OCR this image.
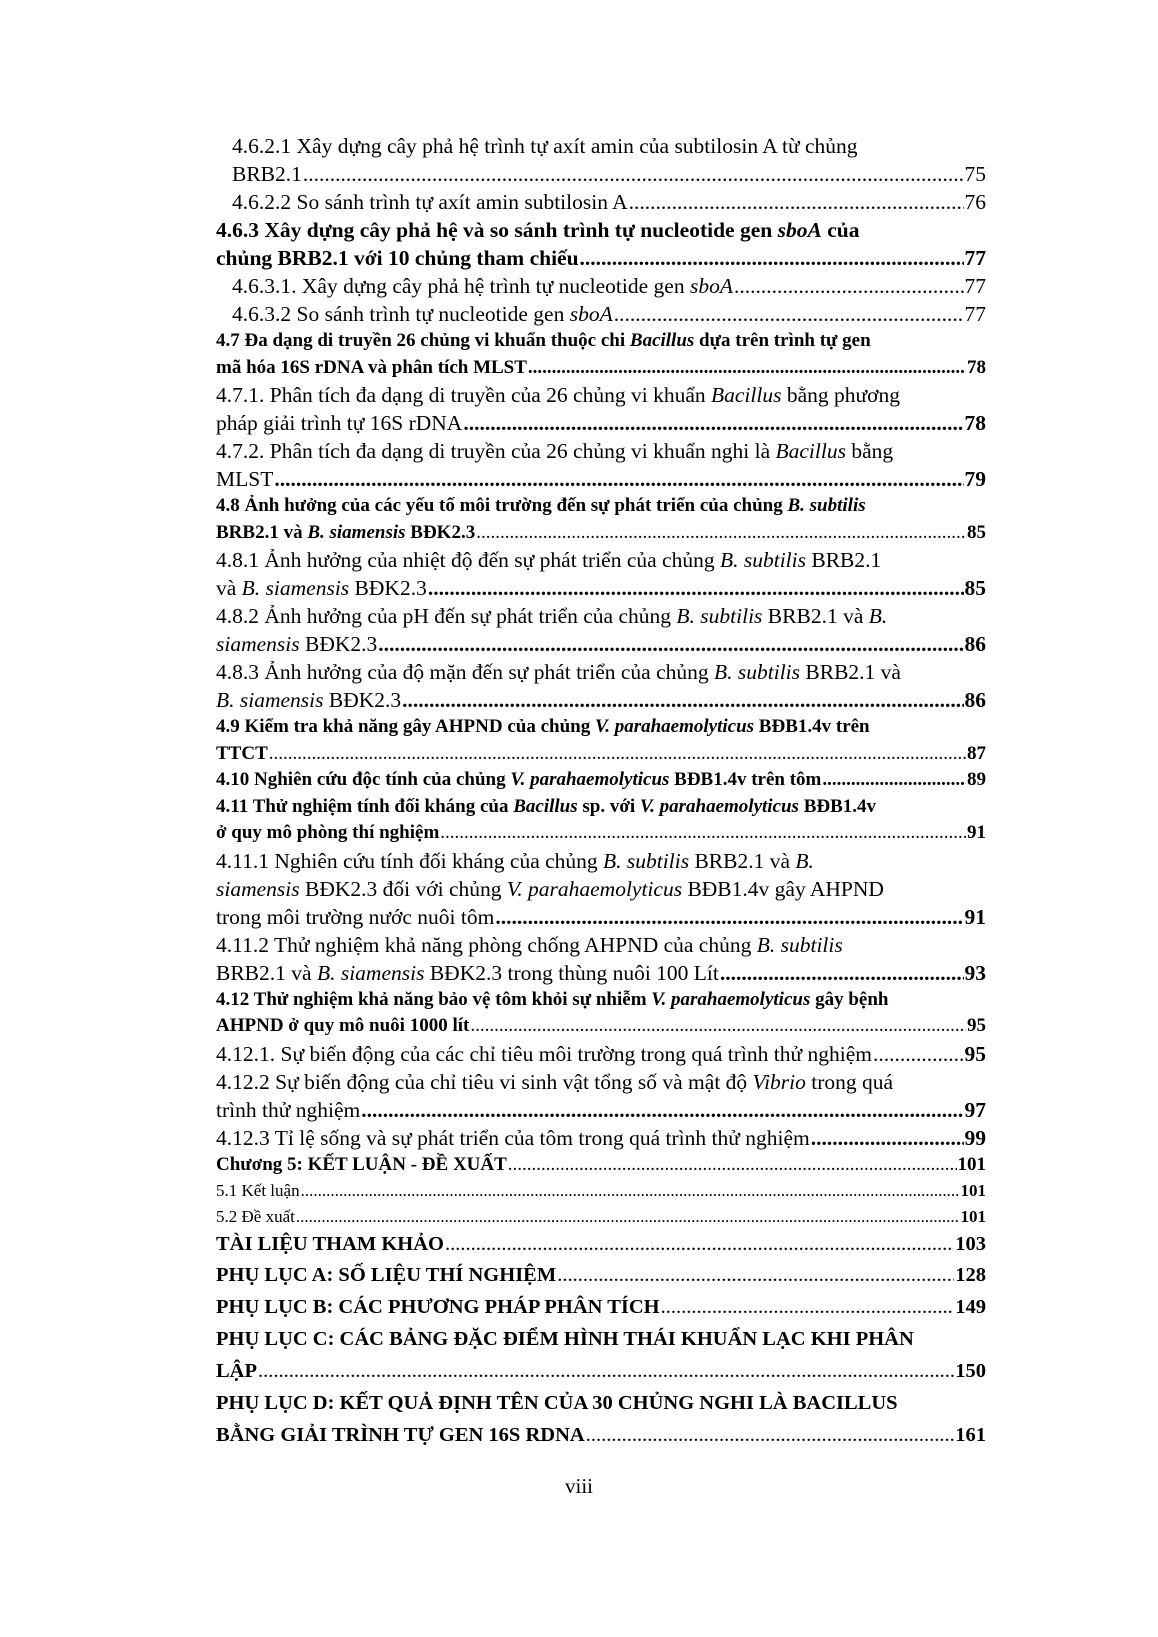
4.6.2.1 Xây dựng cây phả hệ trình tự axít amin của subtilosin A từ chủng
BRB2.1 .....	75
4.6.2.2 So sánh trình tự axít amin subtilosin A .....	76
4.6.3 Xây dựng cây phả hệ và so sánh trình tự nucleotide gen sboA của
chủng BRB2.1 với 10 chủng tham chiếu .....	77
4.6.3.1. Xây dựng cây phả hệ trình tự nucleotide gen sboA .....	77
4.6.3.2 So sánh trình tự nucleotide gen sboA .....	77
4.7 Đa dạng di truyền 26 chủng vi khuẩn thuộc chi Bacillus dựa trên trình tự gen
mã hóa 16S rDNA và phân tích MLST .....	78
4.7.1. Phân tích đa dạng di truyền của 26 chủng vi khuẩn Bacillus bằng phương
pháp giải trình tự 16S rDNA .....	78
4.7.2. Phân tích đa dạng di truyền của 26 chủng vi khuẩn nghi là Bacillus bằng
MLST .....	79
4.8 Ảnh hưởng của các yếu tố môi trường đến sự phát triển của chủng B. subtilis
BRB2.1 và B. siamensis BĐK2.3 .....	85
4.8.1 Ảnh hưởng của nhiệt độ đến sự phát triển của chủng B. subtilis BRB2.1
và B. siamensis BĐK2.3 .....	85
4.8.2 Ảnh hưởng của pH đến sự phát triển của chủng B. subtilis BRB2.1 và B.
siamensis BĐK2.3 .....	86
4.8.3 Ảnh hưởng của độ mặn đến sự phát triển của chủng B. subtilis BRB2.1 và
B. siamensis BĐK2.3 .....	86
4.9 Kiểm tra khả năng gây AHPND của chủng V. parahaemolyticus BĐB1.4v trên
TTCT .....	87
4.10 Nghiên cứu độc tính của chủng V. parahaemolyticus BĐB1.4v trên tôm .....	89
4.11 Thử nghiệm tính đối kháng của Bacillus sp. với V. parahaemolyticus BĐB1.4v
ở quy mô phòng thí nghiệm .....	91
4.11.1 Nghiên cứu tính đối kháng của chủng B. subtilis BRB2.1 và B.
siamensis BĐK2.3 đối với chủng V. parahaemolyticus BĐB1.4v gây AHPND
trong môi trường nước nuôi tôm .....	91
4.11.2 Thử nghiệm khả năng phòng chống AHPND của chủng B. subtilis
BRB2.1 và B. siamensis BĐK2.3 trong thùng nuôi 100 Lít .....	93
4.12 Thử nghiệm khả năng bảo vệ tôm khỏi sự nhiễm V. parahaemolyticus gây bệnh
AHPND ở quy mô nuôi 1000 lít .....	95
4.12.1. Sự biến động của các chỉ tiêu môi trường trong quá trình thử nghiệm .....	95
4.12.2 Sự biến động của chỉ tiêu vi sinh vật tổng số và mật độ Vibrio trong quá
trình thử nghiệm .....	97
4.12.3 Tỉ lệ sống và sự phát triển của tôm trong quá trình thử nghiệm .....	99
Chương 5: KẾT LUẬN - ĐỀ XUẤT .....	101
5.1 Kết luận .....	101
5.2 Đề xuất .....	101
TÀI LIỆU THAM KHẢO .....	103
PHỤ LỤC A: SỐ LIỆU THÍ NGHIỆM .....	128
PHỤ LỤC B: CÁC PHƯƠNG PHÁP PHÂN TÍCH .....	149
PHỤ LỤC C: CÁC BẢNG ĐẶC ĐIỂM HÌNH THÁI KHUẨN LẠC KHI PHÂN
LẬP .....	150
PHỤ LỤC D: KẾT QUẢ ĐỊNH TÊN CỦA 30 CHỦNG NGHI LÀ BACILLUS
BẰNG GIẢI TRÌNH TỰ GEN 16S RDNA .....	161
viii
